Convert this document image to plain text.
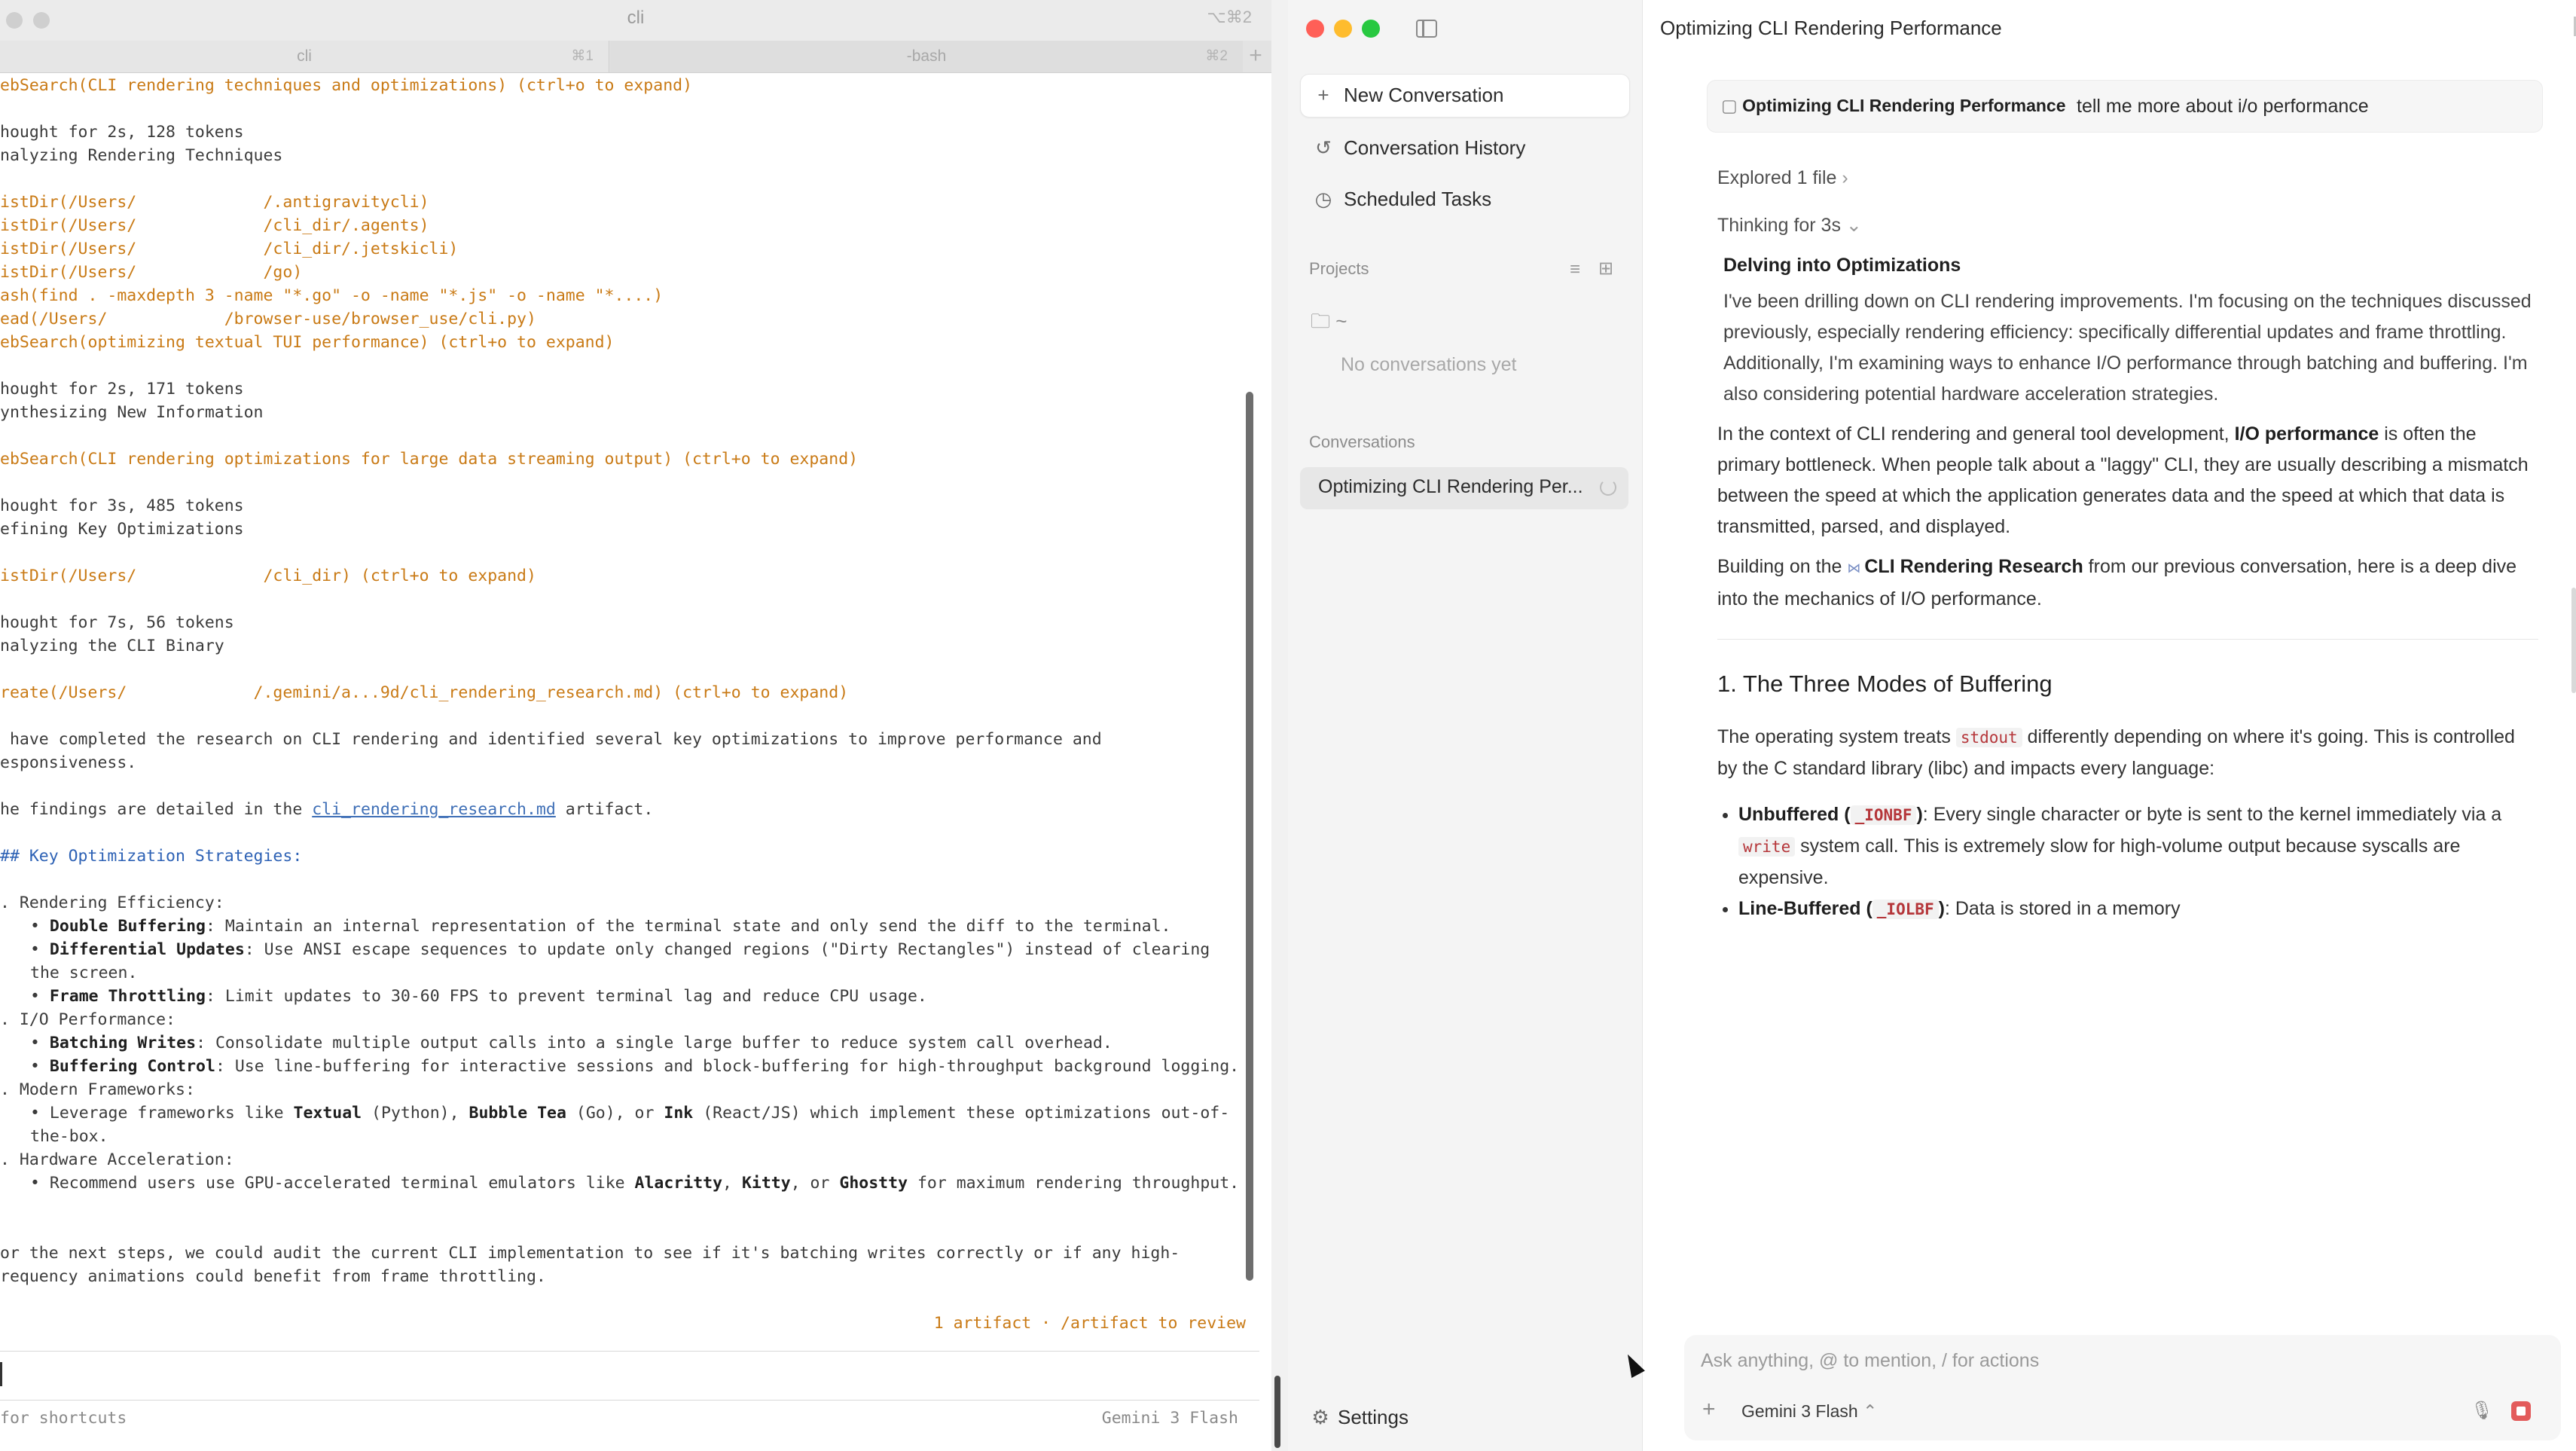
cli	⌥⌘2
cli	⌘1	-bash	⌘2 +
ebSearch(CLI rendering techniques and optimizations) (ctrl+o to expand)
hought for 2s, 128 tokens
nalyzing Rendering Techniques
istDir(/Users/             /.antigravitycli)
istDir(/Users/             /cli_dir/.agents)
istDir(/Users/             /cli_dir/.jetskicli)
istDir(/Users/             /go)
ash(find . -maxdepth 3 -name "*.go" -o -name "*.js" -o -name "*....)
ead(/Users/            /browser-use/browser_use/cli.py)
ebSearch(optimizing textual TUI performance) (ctrl+o to expand)
hought for 2s, 171 tokens
ynthesizing New Information
ebSearch(CLI rendering optimizations for large data streaming output) (ctrl+o to expand)
hought for 3s, 485 tokens
efining Key Optimizations
istDir(/Users/             /cli_dir) (ctrl+o to expand)
hought for 7s, 56 tokens
nalyzing the CLI Binary
reate(/Users/             /.gemini/a...9d/cli_rendering_research.md) (ctrl+o to expand)
have completed the research on CLI rendering and identified several key optimizations to improve performance and
esponsiveness.
he findings are detailed in the cli_rendering_research.md artifact.
## Key Optimization Strategies:
. Rendering Efficiency:
• Double Buffering: Maintain an internal representation of the terminal state and only send the diff to the terminal.
• Differential Updates: Use ANSI escape sequences to update only changed regions ("Dirty Rectangles") instead of clearing
the screen.
• Frame Throttling: Limit updates to 30-60 FPS to prevent terminal lag and reduce CPU usage.
. I/O Performance:
• Batching Writes: Consolidate multiple output calls into a single large buffer to reduce system call overhead.
• Buffering Control: Use line-buffering for interactive sessions and block-buffering for high-throughput background logging.
. Modern Frameworks:
• Leverage frameworks like Textual (Python), Bubble Tea (Go), or Ink (React/JS) which implement these optimizations out-of-
the-box.
. Hardware Acceleration:
• Recommend users use GPU-accelerated terminal emulators like Alacritty, Kitty, or Ghostty for maximum rendering throughput.
or the next steps, we could audit the current CLI implementation to see if it's batching writes correctly or if any high-
requency animations could benefit from frame throttling.
1 artifact · /artifact to review
for shortcuts	Gemini 3 Flash
+ New Conversation
↺ Conversation History
◷ Scheduled Tasks
Projects	≡ ⊞
🗀 ~
No conversations yet
Conversations
Optimizing CLI Rendering Per...
⚙ Settings
Optimizing CLI Rendering Performance
▢ Optimizing CLI Rendering Performance tell me more about i/o performance
Explored 1 file ›
Thinking for 3s ⌄

Delving into Optimizations

I've been drilling down on CLI rendering improvements. I'm focusing on the techniques discussed previously, especially rendering efficiency: specifically differential updates and frame throttling. Additionally, I'm examining ways to enhance I/O performance through batching and buffering. I'm also considering potential hardware acceleration strategies.

In the context of CLI rendering and general tool development, I/O performance is often the primary bottleneck. When people talk about a "laggy" CLI, they are usually describing a mismatch between the speed at which the application generates data and the speed at which that data is transmitted, parsed, and displayed.

Building on the ⋈ CLI Rendering Research from our previous conversation, here is a deep dive into the mechanics of I/O performance.

1. The Three Modes of Buffering

The operating system treats stdout differently depending on where it's going. This is controlled by the C standard library (libc) and impacts every language:

• Unbuffered ( _IONBF ): Every single character or byte is sent to the kernel immediately via a write system call. This is extremely slow for high-volume output because syscalls are expensive.
• Line-Buffered ( _IOLBF ): Data is stored in a memory
Ask anything, @ to mention, / for actions
+ Gemini 3 Flash ⌃	🎙
